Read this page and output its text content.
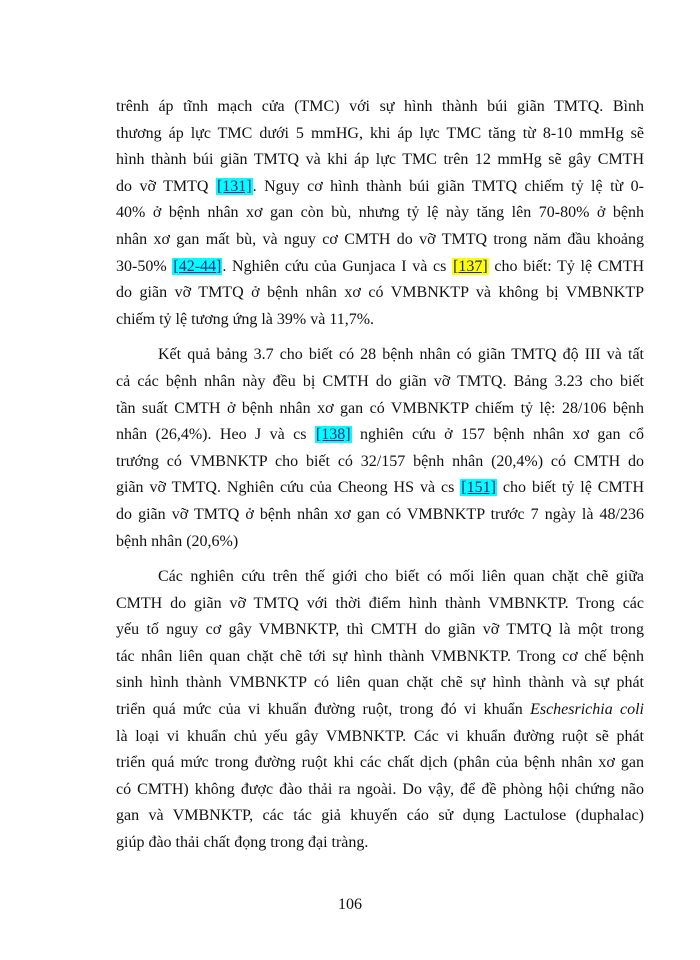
trênh áp tĩnh mạch cửa (TMC) với sự hình thành búi giãn TMTQ. Bình
thương áp lực TMC dưới 5 mmHG, khi áp lực TMC tăng từ 8-10 mmHg sẽ
hình thành búi giãn TMTQ và khi áp lực TMC trên 12 mmHg sẽ gây CMTH
do vỡ TMTQ [131]. Nguy cơ hình thành búi giãn TMTQ chiếm tỷ lệ từ 0-
40% ở bệnh nhân xơ gan còn bù, nhưng tỷ lệ này tăng lên 70-80% ở bệnh
nhân xơ gan mất bù, và nguy cơ CMTH do vỡ TMTQ trong năm đầu khoảng
30-50% [42-44]. Nghiên cứu của Gunjaca I và cs [137] cho biết: Tỷ lệ CMTH
do giãn vỡ TMTQ ở bệnh nhân xơ có VMBNKTP và không bị VMBNKTP
chiếm tỷ lệ tương ứng là 39% và 11,7%.
Kết quả bảng 3.7 cho biết có 28 bệnh nhân có giãn TMTQ độ III và tất
cả các bệnh nhân này đều bị CMTH do giãn vỡ TMTQ. Bảng 3.23 cho biết
tần suất CMTH ở bệnh nhân xơ gan có VMBNKTP chiếm tỷ lệ: 28/106 bệnh
nhân (26,4%). Heo J và cs [138] nghiên cứu ở 157 bệnh nhân xơ gan cổ
trướng có VMBNKTP cho biết có 32/157 bệnh nhân (20,4%) có CMTH do
giãn vỡ TMTQ. Nghiên cứu của Cheong HS và cs [151] cho biết tỷ lệ CMTH
do giãn vỡ TMTQ ở bệnh nhân xơ gan có VMBNKTP trước 7 ngày là 48/236
bệnh nhân (20,6%)
Các nghiên cứu trên thế giới cho biết có mối liên quan chặt chẽ giữa
CMTH do giãn vỡ TMTQ với thời điểm hình thành VMBNKTP. Trong các
yếu tố nguy cơ gây VMBNKTP, thì CMTH do giãn vỡ TMTQ là một trong
tác nhân liên quan chặt chẽ tới sự hình thành VMBNKTP. Trong cơ chế bệnh
sinh hình thành VMBNKTP có liên quan chặt chẽ sự hình thành và sự phát
triển quá mức của vi khuẩn đường ruột, trong đó vi khuẩn Eschesrichia coli
là loại vi khuẩn chủ yếu gây VMBNKTP. Các vi khuẩn đường ruột sẽ phát
triển quá mức trong đường ruột khi các chất dịch (phân của bệnh nhân xơ gan
có CMTH) không được đào thải ra ngoài. Do vậy, để đề phòng hội chứng não
gan và VMBNKTP, các tác giả khuyến cáo sử dụng Lactulose (duphalac)
giúp đào thải chất đọng trong đại tràng.
106
